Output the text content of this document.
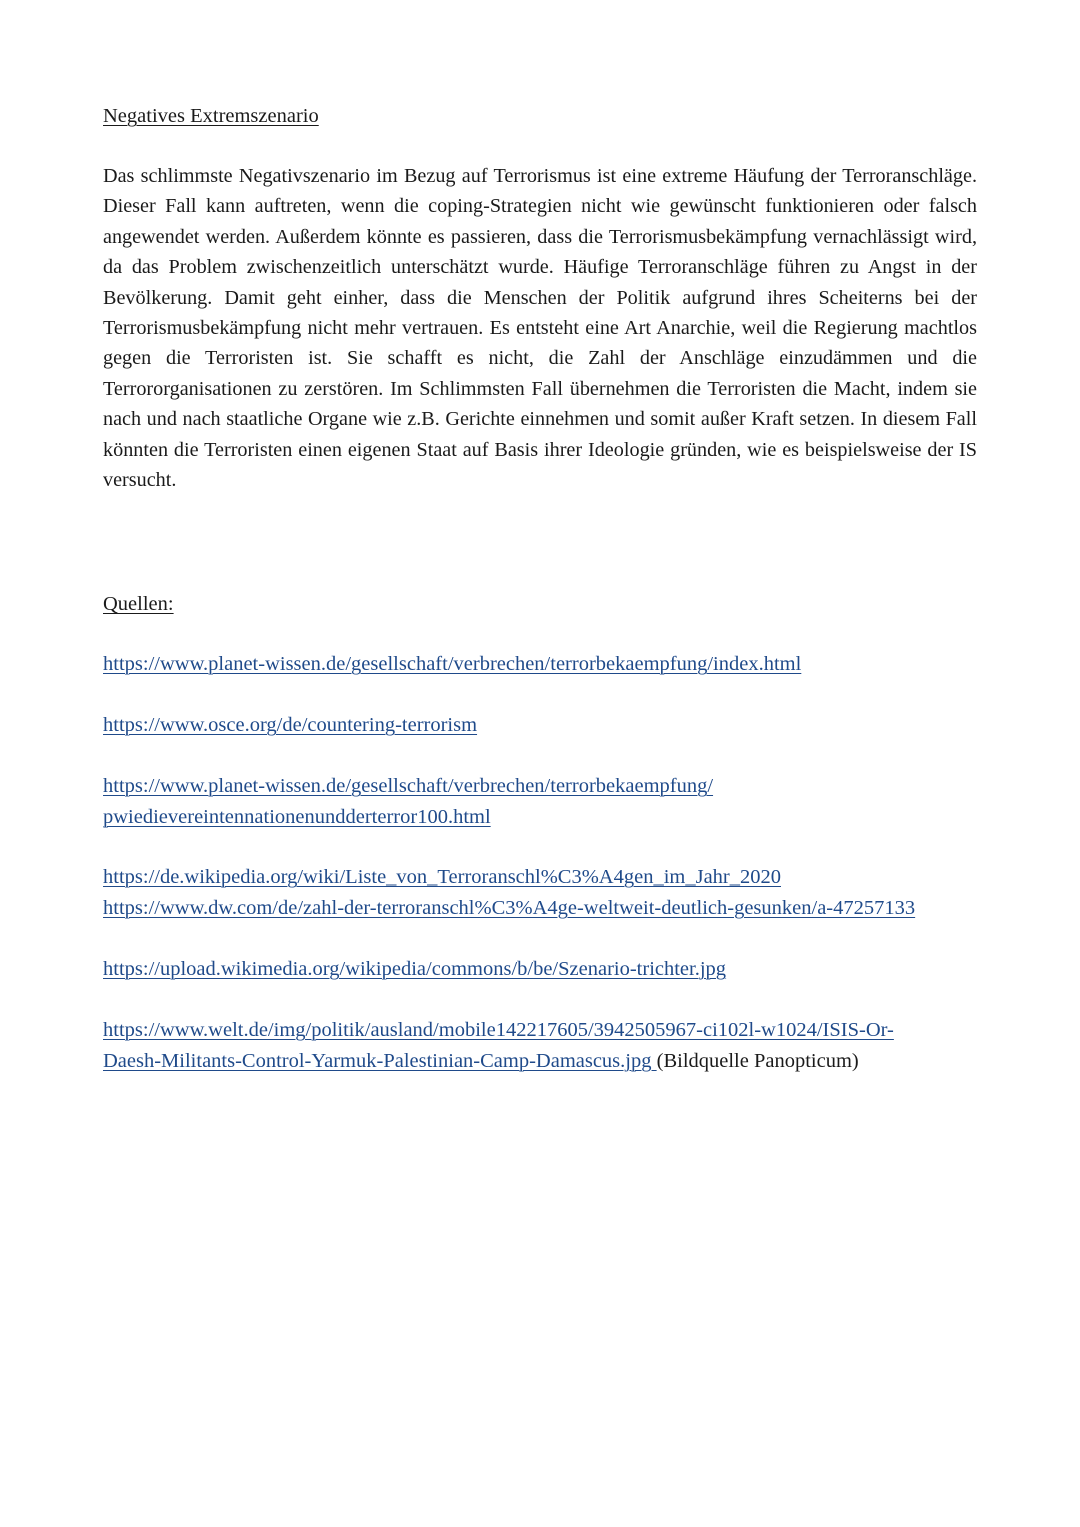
Negatives Extremszenario

Das schlimmste Negativszenario im Bezug auf Terrorismus ist eine extreme Häufung der Terroranschläge. Dieser Fall kann auftreten, wenn die coping-Strategien nicht wie gewünscht funktionieren oder falsch angewendet werden. Außerdem könnte es passieren, dass die Terrorismusbekämpfung vernachlässigt wird, da das Problem zwischenzeitlich unterschätzt wurde. Häufige Terroranschläge führen zu Angst in der Bevölkerung. Damit geht einher, dass die Menschen der Politik aufgrund ihres Scheiterns bei der Terrorismusbekämpfung nicht mehr vertrauen. Es entsteht eine Art Anarchie, weil die Regierung machtlos gegen die Terroristen ist. Sie schafft es nicht, die Zahl der Anschläge einzudämmen und die Terrororganisationen zu zerstören. Im Schlimmsten Fall übernehmen die Terroristen die Macht, indem sie nach und nach staatliche Organe wie z.B. Gerichte einnehmen und somit außer Kraft setzen. In diesem Fall könnten die Terroristen einen eigenen Staat auf Basis ihrer Ideologie gründen, wie es beispielsweise der IS versucht.

Quellen:
https://www.planet-wissen.de/gesellschaft/verbrechen/terrorbekaempfung/index.html
https://www.osce.org/de/countering-terrorism
https://www.planet-wissen.de/gesellschaft/verbrechen/terrorbekaempfung/
pwiedievereintennationenundderterror100.html
https://de.wikipedia.org/wiki/Liste_von_Terroranschl%C3%A4gen_im_Jahr_2020
https://www.dw.com/de/zahl-der-terroranschl%C3%A4ge-weltweit-deutlich-gesunken/a-47257133
https://upload.wikimedia.org/wikipedia/commons/b/be/Szenario-trichter.jpg
https://www.welt.de/img/politik/ausland/mobile142217605/3942505967-ci102l-w1024/ISIS-Or-
Daesh-Militants-Control-Yarmuk-Palestinian-Camp-Damascus.jpg (Bildquelle Panopticum)
